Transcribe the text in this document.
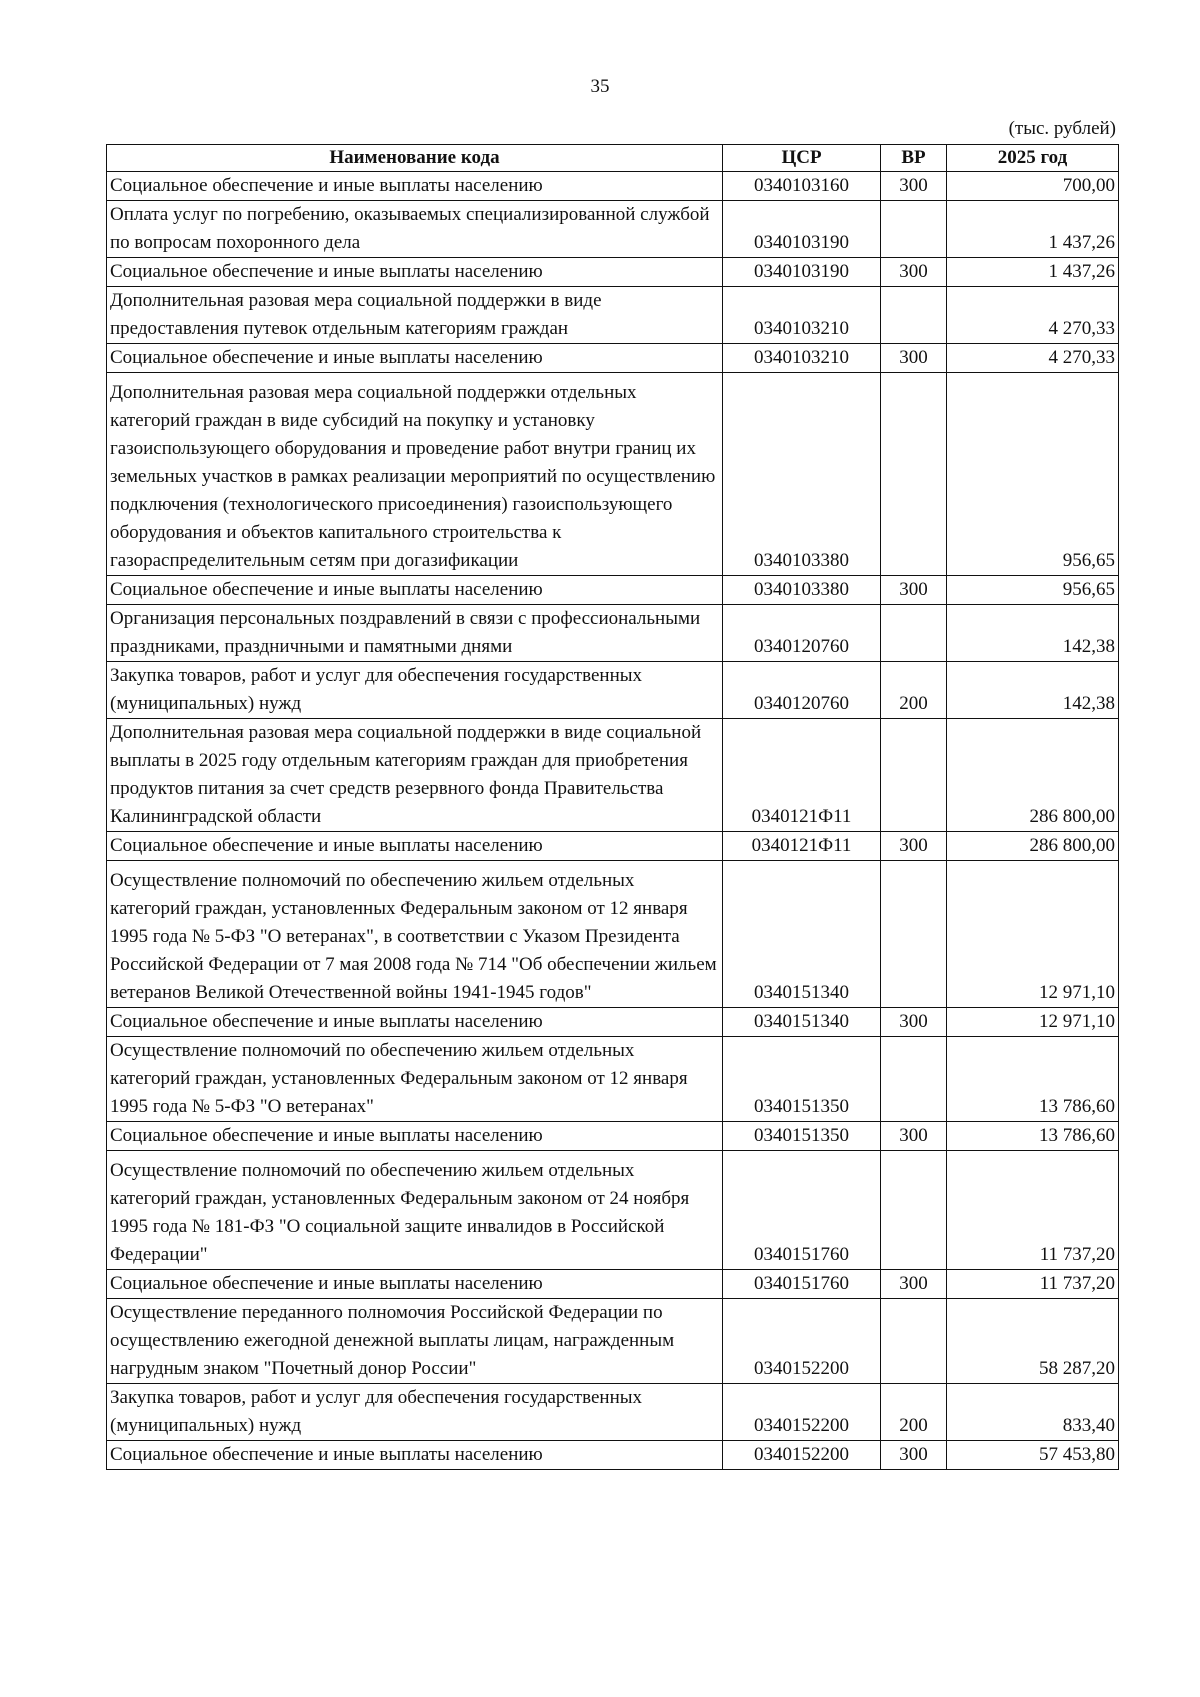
35
(тыс. рублей)
Наименование кода	ЦСР	ВР	2025 год
Социальное обеспечение и иные выплаты населению	0340103160	300	700,00
Оплата услуг по погребению, оказываемых специализированной службой по вопросам похоронного дела	0340103190		1 437,26
Социальное обеспечение и иные выплаты населению	0340103190	300	1 437,26
Дополнительная разовая мера социальной поддержки в виде предоставления путевок отдельным категориям граждан	0340103210		4 270,33
Социальное обеспечение и иные выплаты населению	0340103210	300	4 270,33
Дополнительная разовая мера социальной поддержки отдельных категорий граждан в виде субсидий на покупку и установку газоиспользующего оборудования и проведение работ внутри границ их земельных участков в рамках реализации мероприятий по осуществлению подключения (технологического присоединения) газоиспользующего оборудования и объектов капитального строительства к газораспределительным сетям при догазификации	0340103380		956,65
Социальное обеспечение и иные выплаты населению	0340103380	300	956,65
Организация персональных поздравлений в связи с профессиональными праздниками, праздничными и памятными днями	0340120760		142,38
Закупка товаров, работ и услуг для обеспечения государственных (муниципальных) нужд	0340120760	200	142,38
Дополнительная разовая мера социальной поддержки в виде социальной выплаты в 2025 году отдельным категориям граждан для приобретения продуктов питания за счет средств резервного фонда Правительства Калининградской области	0340121Ф11		286 800,00
Социальное обеспечение и иные выплаты населению	0340121Ф11	300	286 800,00
Осуществление полномочий по обеспечению жильем отдельных категорий граждан, установленных Федеральным законом от 12 января 1995 года № 5-ФЗ "О ветеранах", в соответствии с Указом Президента Российской Федерации от 7 мая 2008 года № 714 "Об обеспечении жильем ветеранов Великой Отечественной войны 1941-1945 годов"	0340151340		12 971,10
Социальное обеспечение и иные выплаты населению	0340151340	300	12 971,10
Осуществление полномочий по обеспечению жильем отдельных категорий граждан, установленных Федеральным законом от 12 января 1995 года № 5-ФЗ "О ветеранах"	0340151350		13 786,60
Социальное обеспечение и иные выплаты населению	0340151350	300	13 786,60
Осуществление полномочий по обеспечению жильем отдельных категорий граждан, установленных Федеральным законом от 24 ноября 1995 года № 181-ФЗ "О социальной защите инвалидов в Российской Федерации"	0340151760		11 737,20
Социальное обеспечение и иные выплаты населению	0340151760	300	11 737,20
Осуществление переданного полномочия Российской Федерации по осуществлению ежегодной денежной выплаты лицам, награжденным нагрудным знаком "Почетный донор России"	0340152200		58 287,20
Закупка товаров, работ и услуг для обеспечения государственных (муниципальных) нужд	0340152200	200	833,40
Социальное обеспечение и иные выплаты населению	0340152200	300	57 453,80
